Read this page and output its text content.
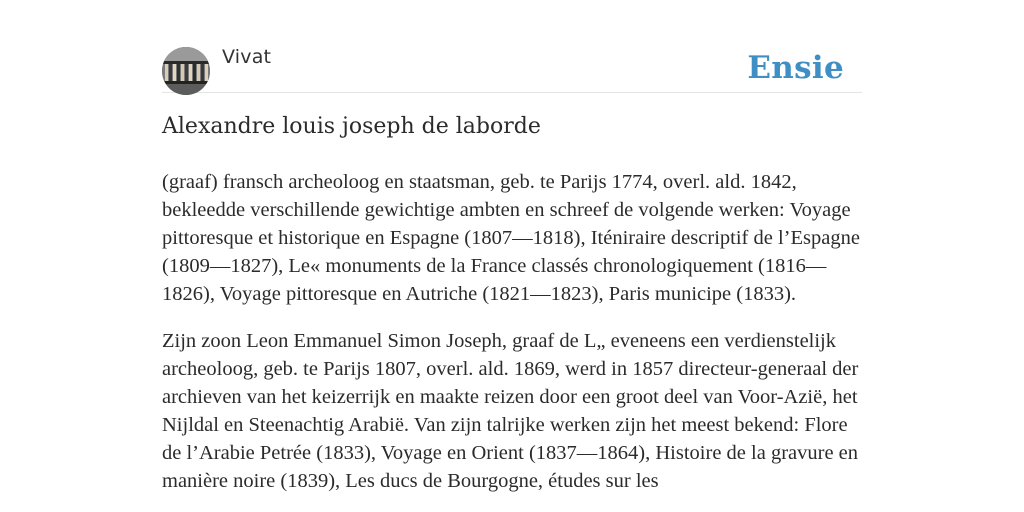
Vivat	Ensie
Alexandre louis joseph de laborde

(graaf) fransch archeoloog en staatsman, geb. te Parijs 1774, overl. ald. 1842, bekleedde verschillende gewichtige ambten en schreef de volgende werken: Voyage pittoresque et historique en Espagne (1807—1818), Iténiraire descriptif de l’Espagne (1809—1827), Le« monuments de la France classés chronologiquement (1816—1826), Voyage pittoresque en Autriche (1821—1823), Paris municipe (1833).

Zijn zoon Leon Emmanuel Simon Joseph, graaf de L„ eveneens een verdienstelijk archeoloog, geb. te Parijs 1807, overl. ald. 1869, werd in 1857 directeur-generaal der archieven van het keizerrijk en maakte reizen door een groot deel van Voor-Azië, het Nijldal en Steenachtig Arabië. Van zijn talrijke werken zijn het meest bekend: Flore de l’Arabie Petrée (1833), Voyage en Orient (1837—1864), Histoire de la gravure en manière noire (1839), Les ducs de Bourgogne, études sur les
